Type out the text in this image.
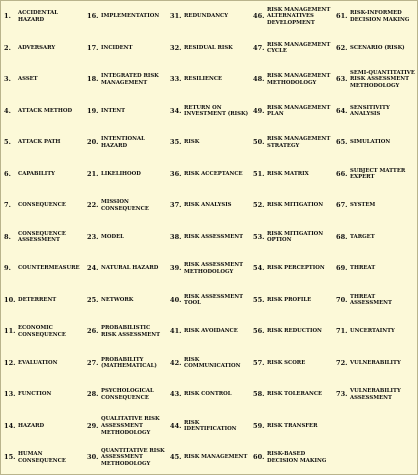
1.	ACCIDENTAL HAZARD
2.	ADVERSARY
3.	ASSET
4.	ATTACK METHOD
5.	ATTACK PATH
6.	CAPABILITY
7.	CONSEQUENCE
8.	CONSEQUENCE ASSESSMENT
9.	COUNTERMEASURE
10. DETERRENT
11. ECONOMIC CONSEQUENCE
12. EVALUATION
13. FUNCTION
14. HAZARD
15. HUMAN CONSEQUENCE
16. IMPLEMENTATION
17. INCIDENT
18. INTEGRATED RISK MANAGEMENT
19. INTENT
20. INTENTIONAL HAZARD
21. LIKELIHOOD
22. MISSION CONSEQUENCE
23. MODEL
24. NATURAL HAZARD
25. NETWORK
26. PROBABILISTIC RISK ASSESSMENT
27. PROBABILITY (MATHEMATICAL)
28. PSYCHOLOGICAL CONSEQUENCE
29.
QUALITATIVE RISK ASSESSMENT METHODOLOGY
30.
QUANTITATIVE RISK ASSESSMENT METHODOLOGY
31. REDUNDANCY
32. RESIDUAL RISK
33. RESILIENCE
34. RETURN ON INVESTMENT (RISK)
35. RISK
36. RISK ACCEPTANCE
37. RISK ANALYSIS
38. RISK ASSESSMENT
39. RISK ASSESSMENT METHODOLOGY
40. RISK ASSESSMENT TOOL
41. RISK AVOIDANCE
42. RISK COMMUNICATION
43. RISK CONTROL
44. RISK IDENTIFICATION
45. RISK MANAGEMENT
46.
RISK MANAGEMENT ALTERNATIVES DEVELOPMENT
47. RISK MANAGEMENT CYCLE
48. RISK MANAGEMENT METHODOLOGY
49. RISK MANAGEMENT PLAN
50. RISK MANAGEMENT STRATEGY
51. RISK MATRIX
52. RISK MITIGATION
53. RISK MITIGATION OPTION
54. RISK PERCEPTION
55. RISK PROFILE
56. RISK REDUCTION
57. RISK SCORE
58. RISK TOLERANCE
59. RISK TRANSFER
60. RISK-BASED DECISION MAKING
61. RISK-INFORMED DECISION MAKING
62. SCENARIO (RISK)
63.
SEMI-QUANTITATIVE RISK ASSESSMENT METHODOLOGY
64. SENSITIVITY ANALYSIS
65. SIMULATION
66. SUBJECT MATTER EXPERT
67. SYSTEM
68. TARGET
69. THREAT
70. THREAT ASSESSMENT
71. UNCERTAINTY
72. VULNERABILITY
73. VULNERABILITY ASSESSMENT
